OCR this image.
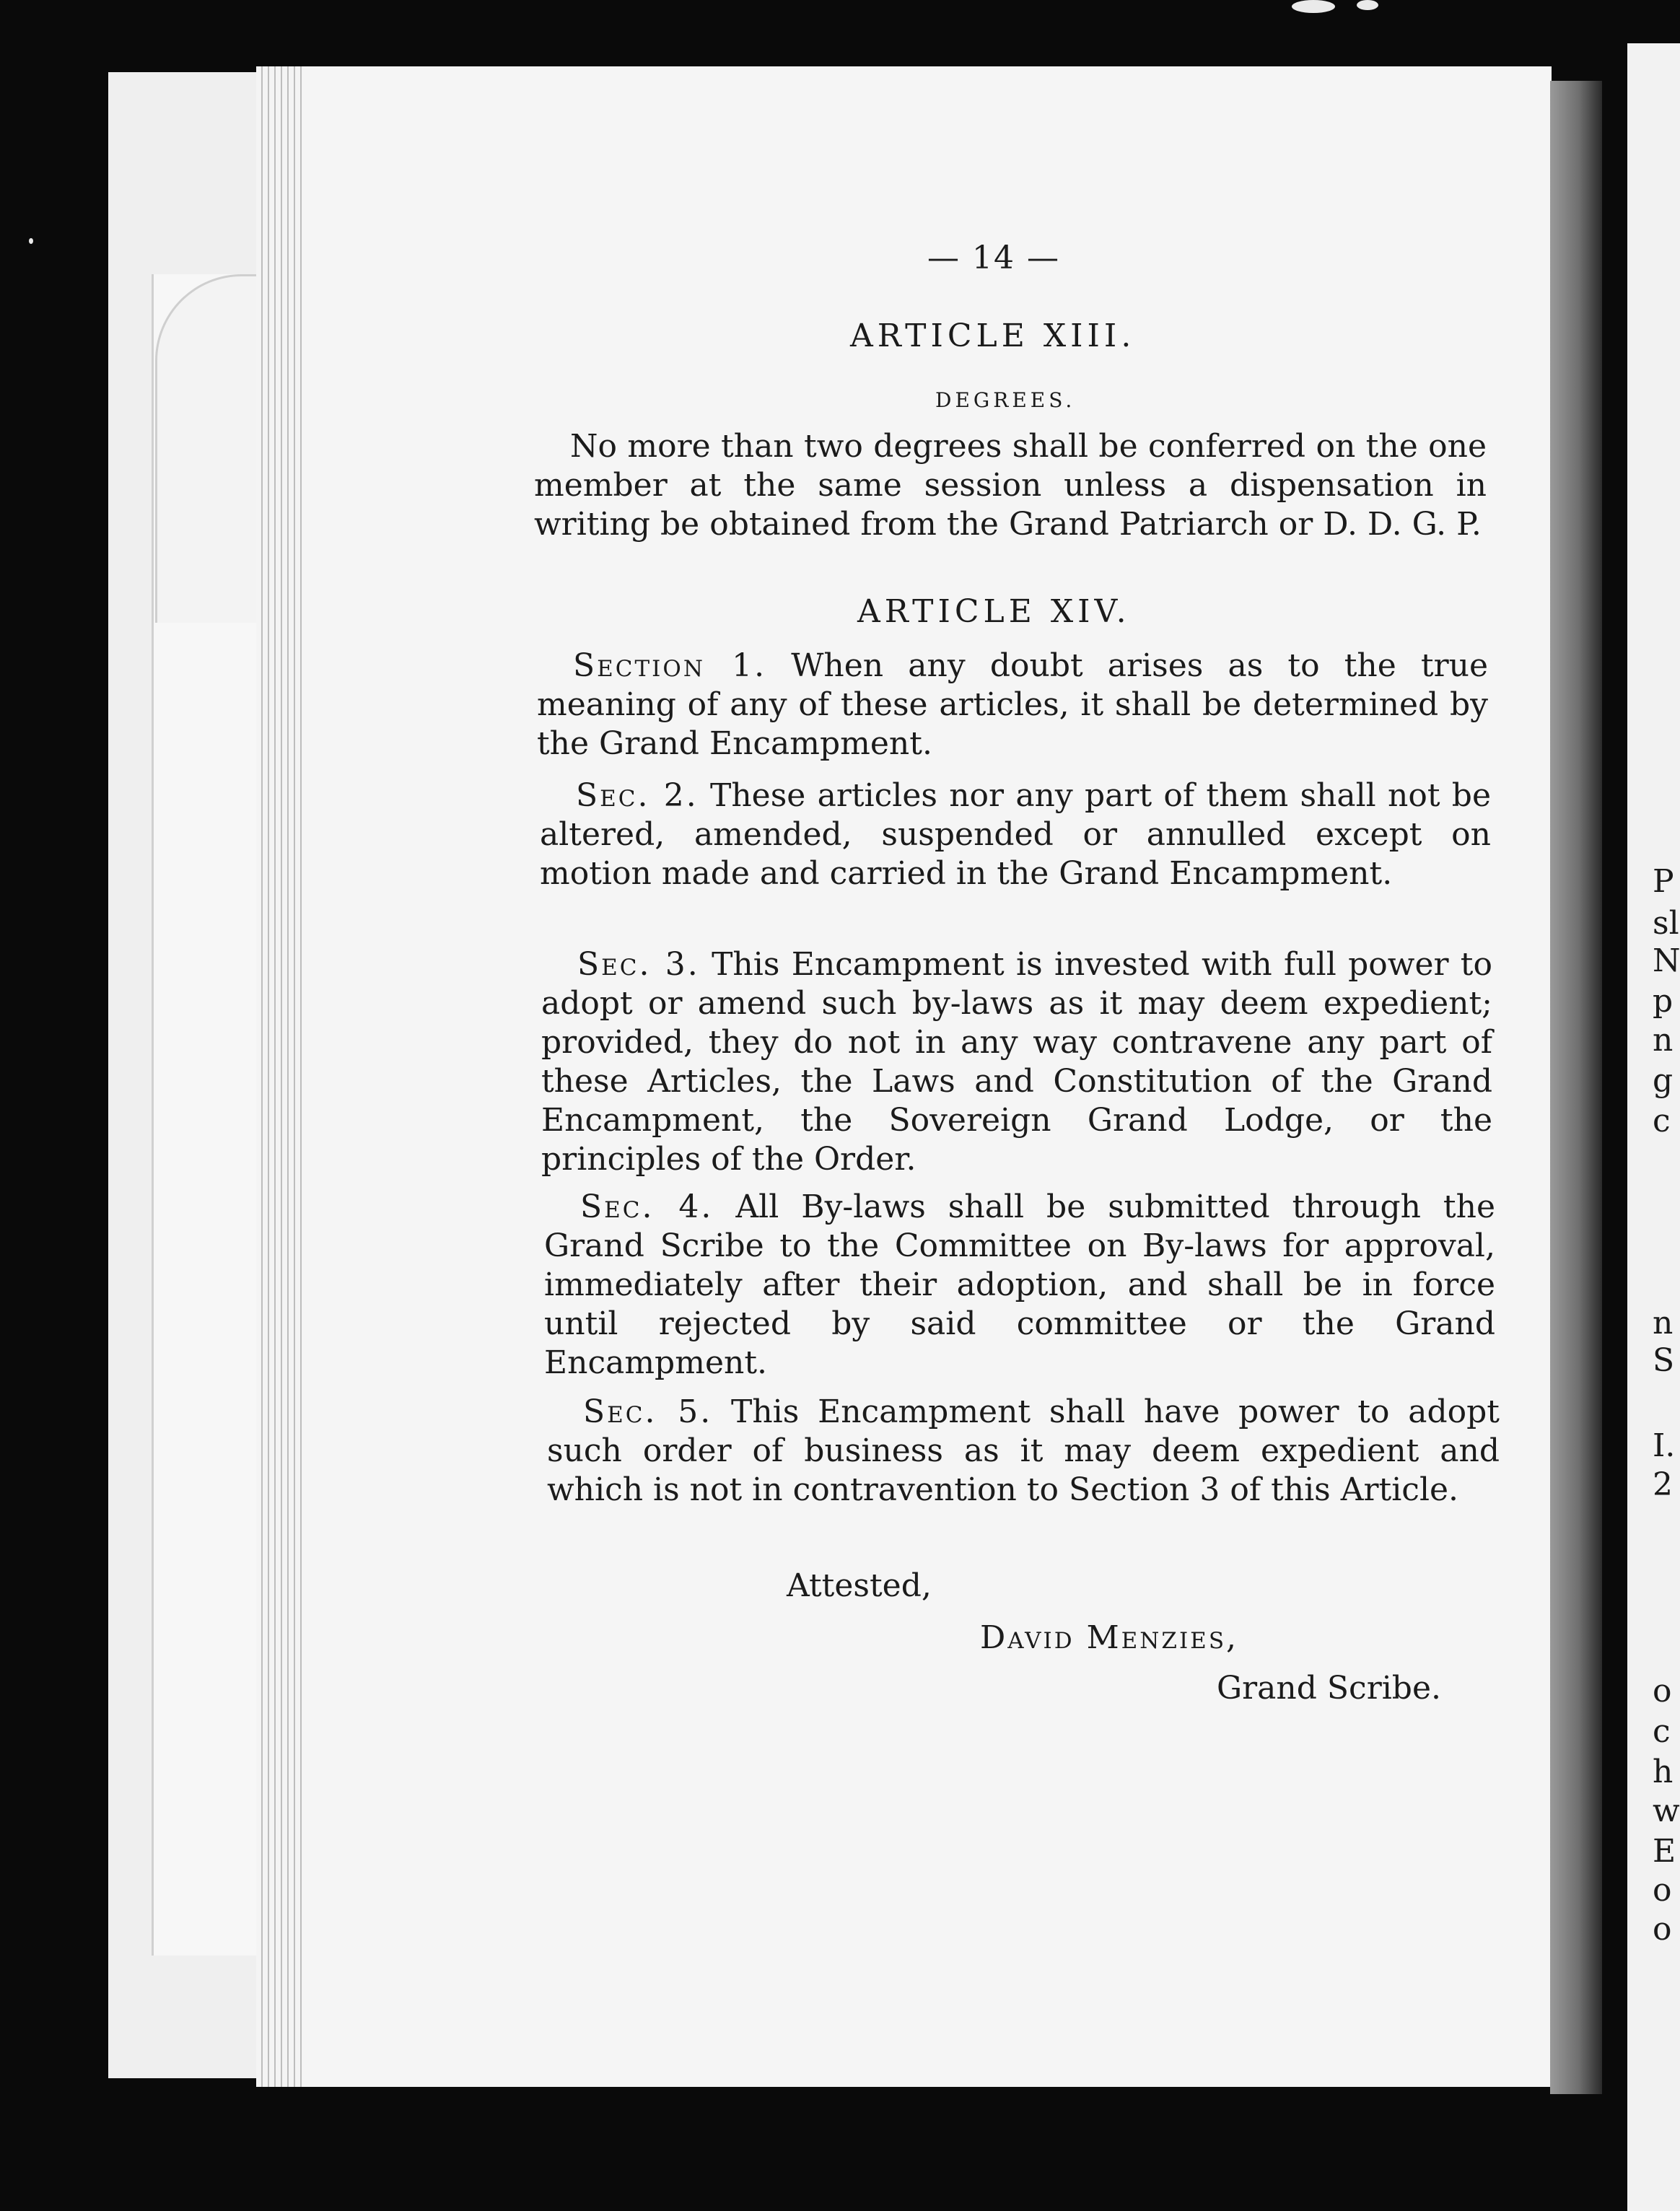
P
sl
N
p
n
g
c
n
S
I.
2
o
c
h
w
E
o
o
— 14 —
ARTICLE XIII.
DEGREES.
No more than two degrees shall be conferred on the one member at the same session unless a dispensation in writing be obtained from the Grand Patriarch or D. D. G. P.
ARTICLE XIV.
Section 1. When any doubt arises as to the true meaning of any of these articles, it shall be determined by the Grand Encampment.
Sec. 2. These articles nor any part of them shall not be altered, amended, suspended or annulled except on motion made and carried in the Grand Encampment.
Sec. 3. This Encampment is invested with full power to adopt or amend such by-laws as it may deem expedient; provided, they do not in any way contravene any part of these Articles, the Laws and Constitution of the Grand Encampment, the Sovereign Grand Lodge, or the principles of the Order.
Sec. 4. All By-laws shall be submitted through the Grand Scribe to the Committee on By-laws for approval, immediately after their adoption, and shall be in force until rejected by said committee or the Grand Encampment.
Sec. 5. This Encampment shall have power to adopt such order of business as it may deem expedient and which is not in contravention to Section 3 of this Article.
Attested,
David Menzies,
Grand Scribe.
